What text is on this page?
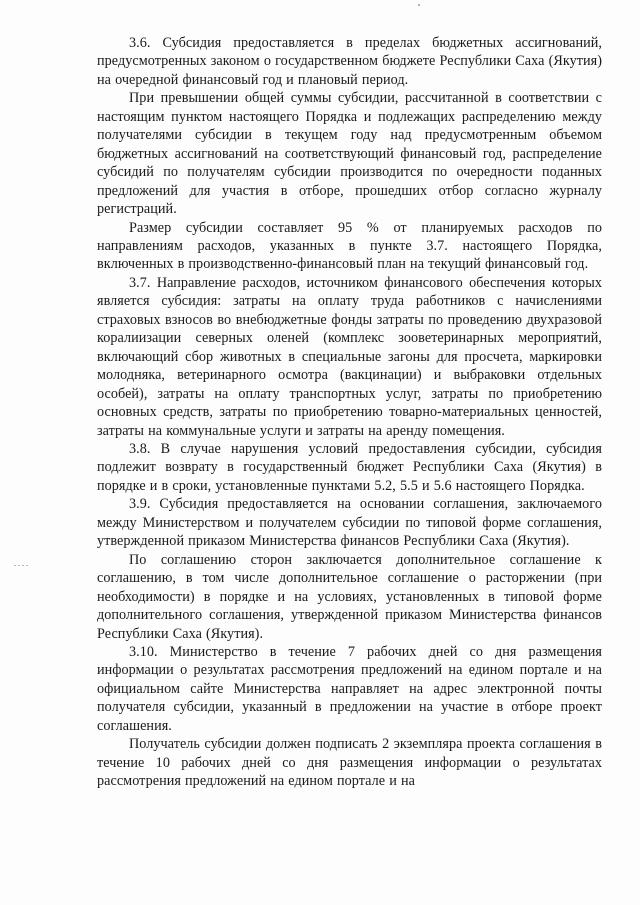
3.6. Субсидия предоставляется в пределах бюджетных ассигнований, предусмотренных законом о государственном бюджете Республики Саха (Якутия) на очередной финансовый год и плановый период.

При превышении общей суммы субсидии, рассчитанной в соответствии с настоящим пунктом настоящего Порядка и подлежащих распределению между получателями субсидии в текущем году над предусмотренным объемом бюджетных ассигнований на соответствующий финансовый год, распределение субсидий по получателям субсидии производится по очередности поданных предложений для участия в отборе, прошедших отбор согласно журналу регистраций.

Размер субсидии составляет 95 % от планируемых расходов по направлениям расходов, указанных в пункте 3.7. настоящего Порядка, включенных в производственно-финансовый план на текущий финансовый год.

3.7. Направление расходов, источником финансового обеспечения которых является субсидия: затраты на оплату труда работников с начислениями страховых взносов во внебюджетные фонды затраты по проведению двухразовой коралиизации северных оленей (комплекс зооветеринарных мероприятий, включающий сбор животных в специальные загоны для просчета, маркировки молодняка, ветеринарного осмотра (вакцинации) и выбраковки отдельных особей), затраты на оплату транспортных услуг, затраты по приобретению основных средств, затраты по приобретению товарно-материальных ценностей, затраты на коммунальные услуги и затраты на аренду помещения.

3.8. В случае нарушения условий предоставления субсидии, субсидия подлежит возврату в государственный бюджет Республики Саха (Якутия) в порядке и в сроки, установленные пунктами 5.2, 5.5 и 5.6 настоящего Порядка.

3.9. Субсидия предоставляется на основании соглашения, заключаемого между Министерством и получателем субсидии по типовой форме соглашения, утвержденной приказом Министерства финансов Республики Саха (Якутия).

По соглашению сторон заключается дополнительное соглашение к соглашению, в том числе дополнительное соглашение о расторжении (при необходимости) в порядке и на условиях, установленных в типовой форме дополнительного соглашения, утвержденной приказом Министерства финансов Республики Саха (Якутия).

3.10. Министерство в течение 7 рабочих дней со дня размещения информации о результатах рассмотрения предложений на едином портале и на официальном сайте Министерства направляет на адрес электронной почты получателя субсидии, указанный в предложении на участие в отборе проект соглашения.

Получатель субсидии должен подписать 2 экземпляра проекта соглашения в течение 10 рабочих дней со дня размещения информации о результатах рассмотрения предложений на едином портале и на
